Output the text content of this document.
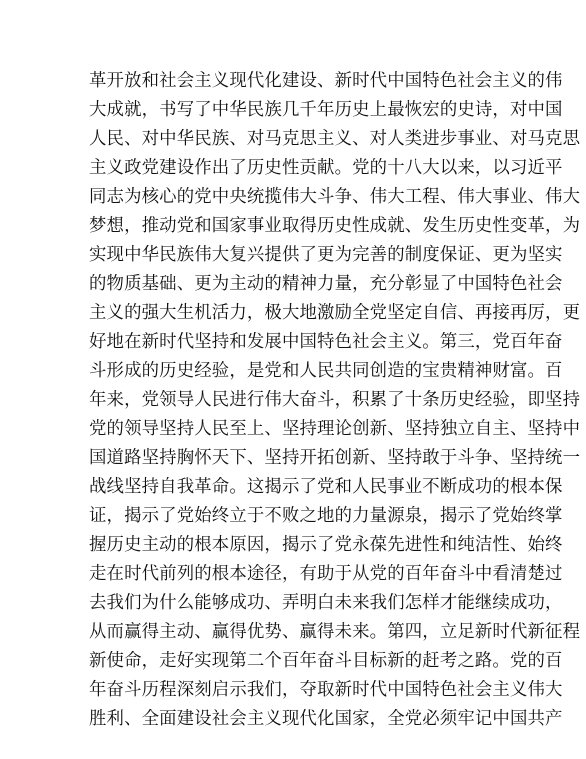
革开放和社会主义现代化建设、新时代中国特色社会主义的伟
大成就，书写了中华民族几千年历史上最恢宏的史诗，对中国
人民、对中华民族、对马克思主义、对人类进步事业、对马克思
主义政党建设作出了历史性贡献。党的十八大以来，以习近平
同志为核心的党中央统揽伟大斗争、伟大工程、伟大事业、伟大
梦想，推动党和国家事业取得历史性成就、发生历史性变革，为
实现中华民族伟大复兴提供了更为完善的制度保证、更为坚实
的物质基础、更为主动的精神力量，充分彰显了中国特色社会
主义的强大生机活力，极大地激励全党坚定自信、再接再厉，更
好地在新时代坚持和发展中国特色社会主义。第三，党百年奋
斗形成的历史经验，是党和人民共同创造的宝贵精神财富。百
年来，党领导人民进行伟大奋斗，积累了十条历史经验，即坚持
党的领导坚持人民至上、坚持理论创新、坚持独立自主、坚持中
国道路坚持胸怀天下、坚持开拓创新、坚持敢于斗争、坚持统一
战线坚持自我革命。这揭示了党和人民事业不断成功的根本保
证，揭示了党始终立于不败之地的力量源泉，揭示了党始终掌
握历史主动的根本原因，揭示了党永葆先进性和纯洁性、始终
走在时代前列的根本途径，有助于从党的百年奋斗中看清楚过
去我们为什么能够成功、弄明白未来我们怎样才能继续成功，
从而赢得主动、赢得优势、赢得未来。第四，立足新时代新征程
新使命，走好实现第二个百年奋斗目标新的赶考之路。党的百
年奋斗历程深刻启示我们，夺取新时代中国特色社会主义伟大
胜利、全面建设社会主义现代化国家，全党必须牢记中国共产
